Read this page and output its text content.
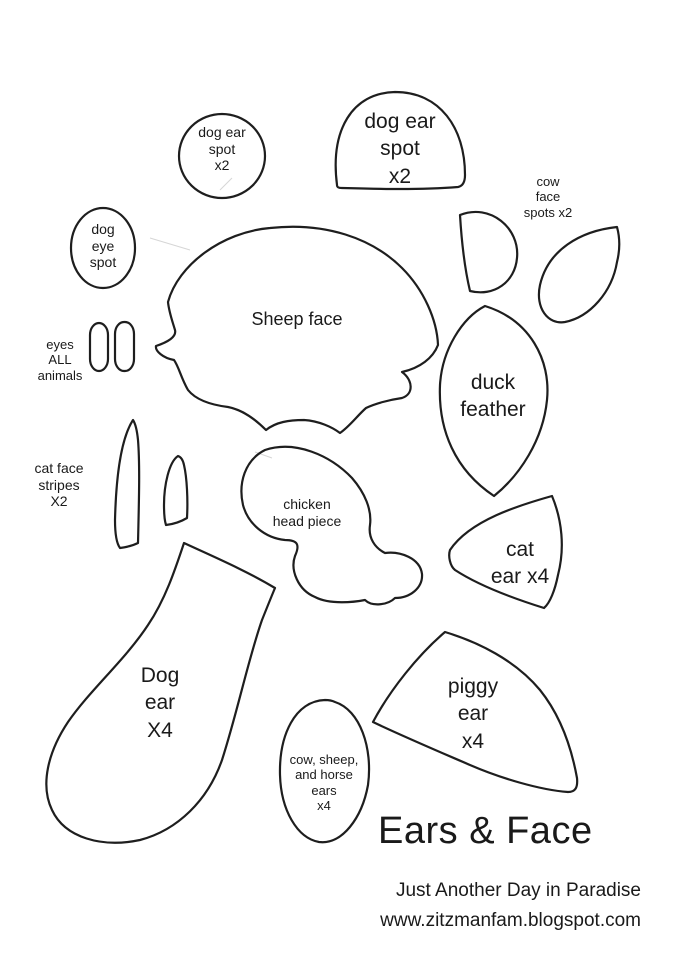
dog ear
spot
x2
dog ear
spot
x2	cow
face
spots x2
dog
eye
spot
Sheep face
eyes
ALL
animals	duck
feather
cat face
stripes
X2	chicken
head piece
cat
ear x4
Dog
ear
X4
piggy
ear
x4
cow, sheep,
and horse
ears
x4
Ears & Face
Just Another Day in Paradise
www.zitzmanfam.blogspot.com
